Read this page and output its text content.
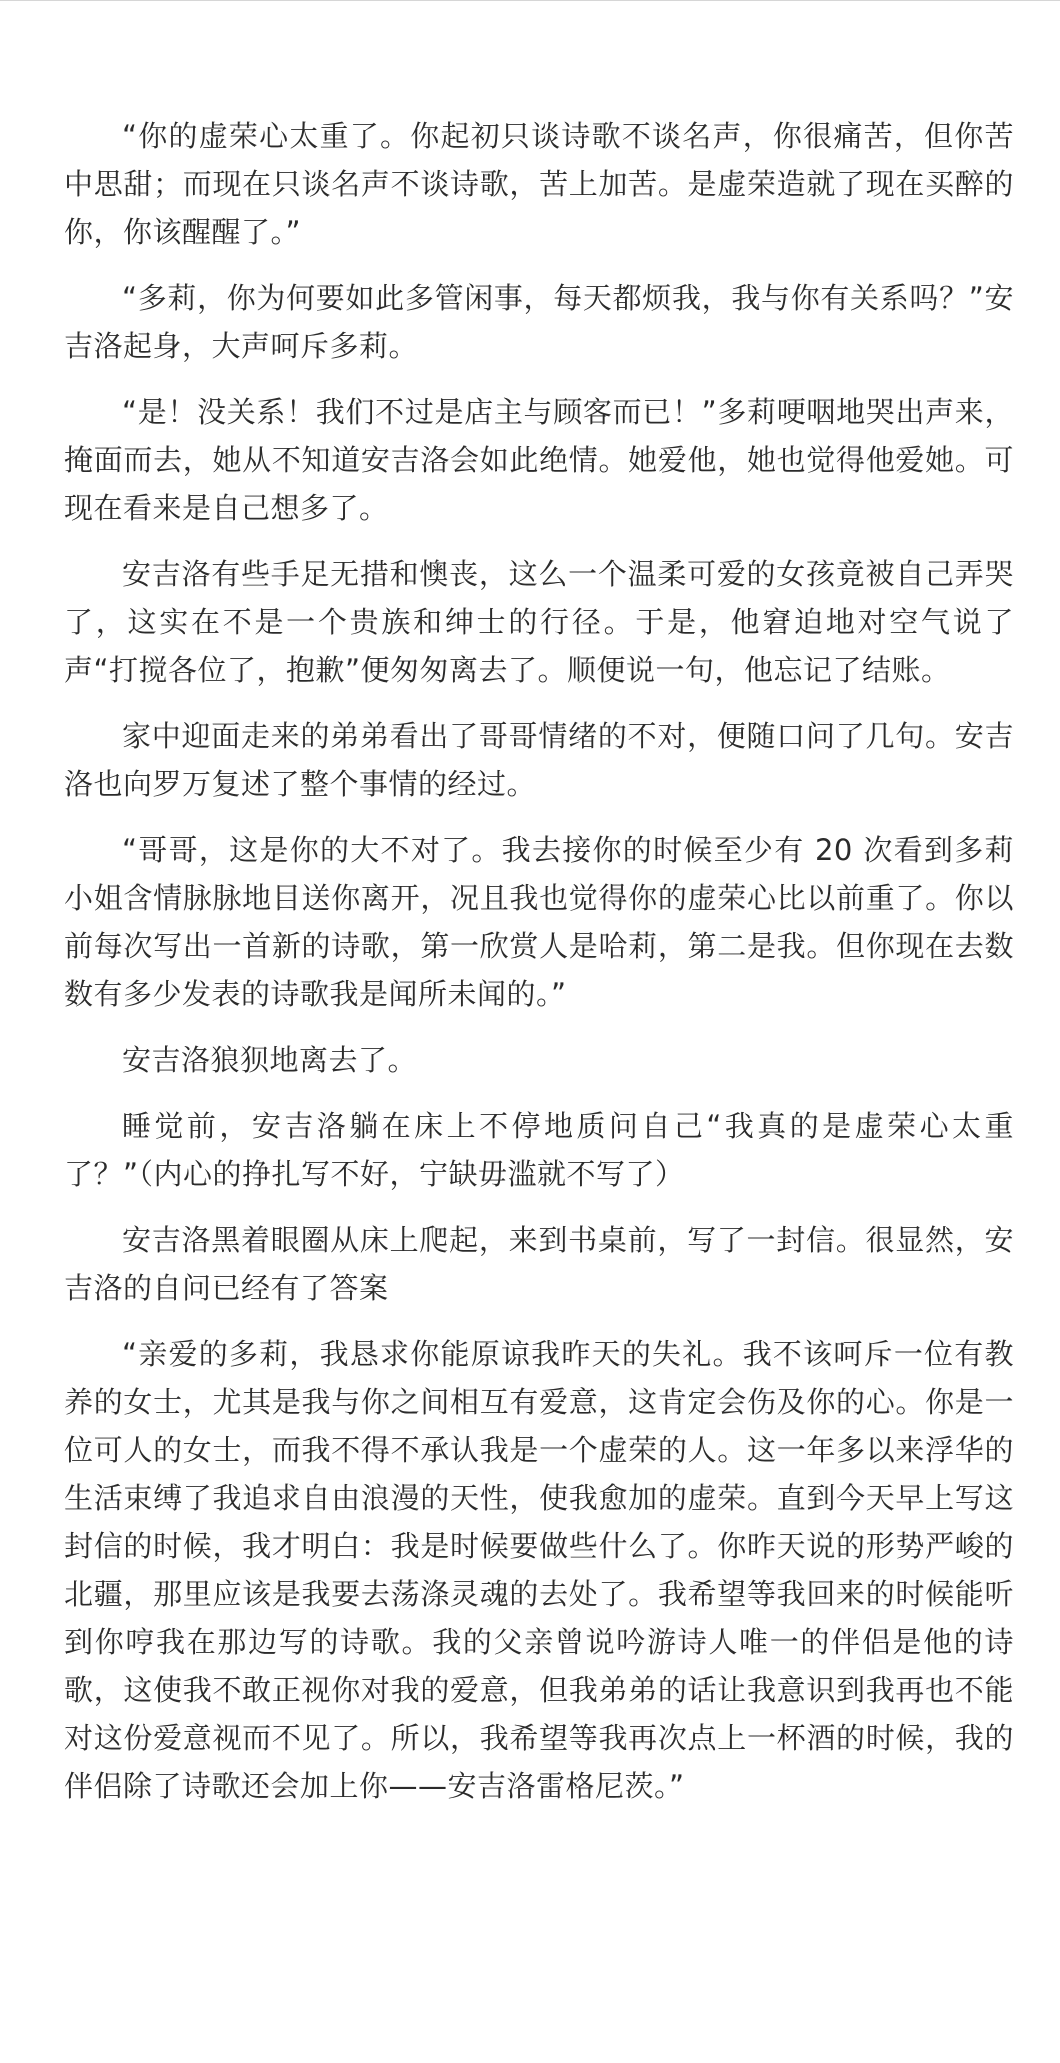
“你的虚荣心太重了。你起初只谈诗歌不谈名声，你很痛苦，但你苦中思甜；而现在只谈名声不谈诗歌，苦上加苦。是虚荣造就了现在买醉的你，你该醒醒了。”

“多莉，你为何要如此多管闲事，每天都烦我，我与你有关系吗？”安吉洛起身，大声呵斥多莉。

“是！没关系！我们不过是店主与顾客而已！”多莉哽咽地哭出声来，掩面而去，她从不知道安吉洛会如此绝情。她爱他，她也觉得他爱她。可现在看来是自己想多了。

安吉洛有些手足无措和懊丧，这么一个温柔可爱的女孩竟被自己弄哭了，这实在不是一个贵族和绅士的行径。于是，他窘迫地对空气说了声“打搅各位了，抱歉”便匆匆离去了。顺便说一句，他忘记了结账。

家中迎面走来的弟弟看出了哥哥情绪的不对，便随口问了几句。安吉洛也向罗万复述了整个事情的经过。

“哥哥，这是你的大不对了。我去接你的时候至少有 20 次看到多莉小姐含情脉脉地目送你离开，况且我也觉得你的虚荣心比以前重了。你以前每次写出一首新的诗歌，第一欣赏人是哈莉，第二是我。但你现在去数数有多少发表的诗歌我是闻所未闻的。”

安吉洛狼狈地离去了。

睡觉前，安吉洛躺在床上不停地质问自己“我真的是虚荣心太重了？”（内心的挣扎写不好，宁缺毋滥就不写了）

安吉洛黑着眼圈从床上爬起，来到书桌前，写了一封信。很显然，安吉洛的自问已经有了答案

“亲爱的多莉，我恳求你能原谅我昨天的失礼。我不该呵斥一位有教养的女士，尤其是我与你之间相互有爱意，这肯定会伤及你的心。你是一位可人的女士，而我不得不承认我是一个虚荣的人。这一年多以来浮华的生活束缚了我追求自由浪漫的天性，使我愈加的虚荣。直到今天早上写这封信的时候，我才明白：我是时候要做些什么了。你昨天说的形势严峻的北疆，那里应该是我要去荡涤灵魂的去处了。我希望等我回来的时候能听到你哼我在那边写的诗歌。我的父亲曾说吟游诗人唯一的伴侣是他的诗歌，这使我不敢正视你对我的爱意，但我弟弟的话让我意识到我再也不能对这份爱意视而不见了。所以，我希望等我再次点上一杯酒的时候，我的伴侣除了诗歌还会加上你——安吉洛雷格尼茨。”
